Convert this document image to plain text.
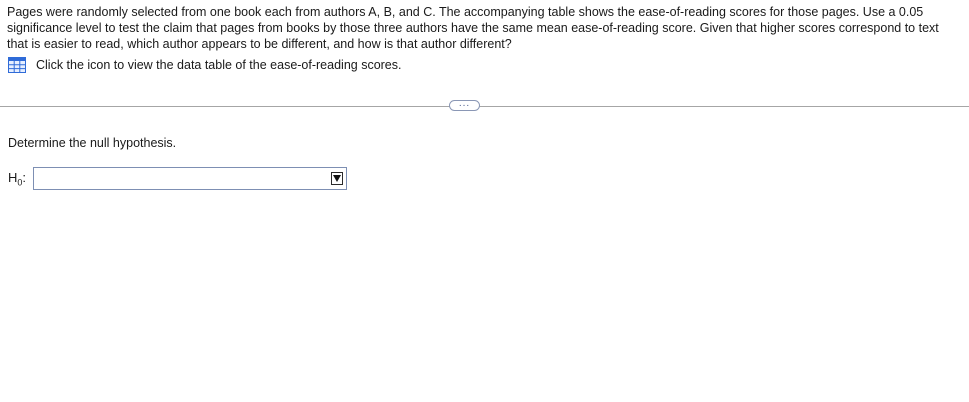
Pages were randomly selected from one book each from authors A, B, and C. The accompanying table shows the ease-of-reading scores for those pages. Use a 0.05 significance level to test the claim that pages from books by those three authors have the same mean ease-of-reading score. Given that higher scores correspond to text that is easier to read, which author appears to be different, and how is that author different?

Click the icon to view the data table of the ease-of-reading scores.
...
Determine the null hypothesis.
$H_0$:
